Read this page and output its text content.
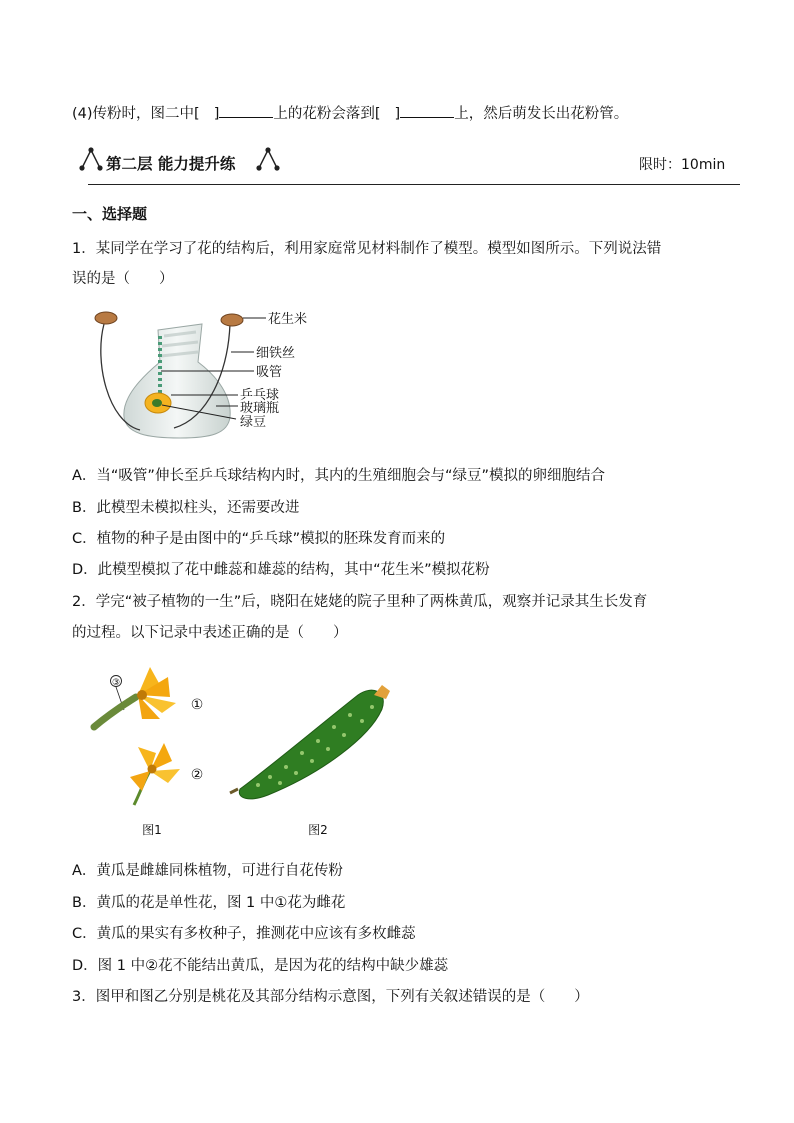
(4)传粉时，图二中[ ]	上的花粉会落到[ ]	上，然后萌发长出花粉管。
第二层 能力提升练	限时：10min
一、选择题
1．某同学在学习了花的结构后，利用家庭常见材料制作了模型。模型如图所示。下列说法错
误的是（　　）
花生米
细铁丝
吸管
乒乓球
玻璃瓶
绿豆
A．当“吸管”伸长至乒乓球结构内时，其内的生殖细胞会与“绿豆”模拟的卵细胞结合
B．此模型未模拟柱头，还需要改进
C．植物的种子是由图中的“乒乓球”模拟的胚珠发育而来的
D．此模型模拟了花中雌蕊和雄蕊的结构，其中“花生米”模拟花粉
2．学完“被子植物的一生”后，晓阳在姥姥的院子里种了两株黄瓜，观察并记录其生长发育
的过程。以下记录中表述正确的是（　　）
③
①
②
图1	图2
A．黄瓜是雌雄同株植物，可进行自花传粉
B．黄瓜的花是单性花，图 1 中①花为雌花
C．黄瓜的果实有多枚种子，推测花中应该有多枚雌蕊
D．图 1 中②花不能结出黄瓜，是因为花的结构中缺少雄蕊
3．图甲和图乙分别是桃花及其部分结构示意图，下列有关叙述错误的是（　　）
